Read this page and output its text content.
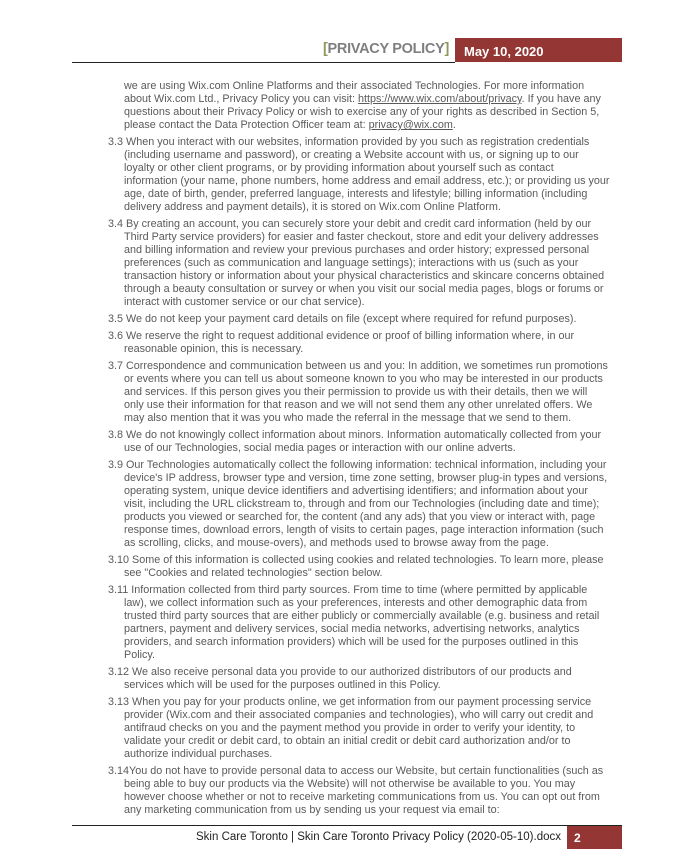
[PRIVACY POLICY]	May 10, 2020
we are using Wix.com Online Platforms and their associated Technologies. For more information
about Wix.com Ltd., Privacy Policy you can visit: https://www.wix.com/about/privacy. If you have any
questions about their Privacy Policy or wish to exercise any of your rights as described in Section 5,
please contact the Data Protection Officer team at: privacy@wix.com.
3.3 When you interact with our websites, information provided by you such as registration credentials
(including username and password), or creating a Website account with us, or signing up to our
loyalty or other client programs, or by providing information about yourself such as contact
information (your name, phone numbers, home address and email address, etc.); or providing us your
age, date of birth, gender, preferred language, interests and lifestyle; billing information (including
delivery address and payment details), it is stored on Wix.com Online Platform.
3.4 By creating an account, you can securely store your debit and credit card information (held by our
Third Party service providers) for easier and faster checkout, store and edit your delivery addresses
and billing information and review your previous purchases and order history; expressed personal
preferences (such as communication and language settings); interactions with us (such as your
transaction history or information about your physical characteristics and skincare concerns obtained
through a beauty consultation or survey or when you visit our social media pages, blogs or forums or
interact with customer service or our chat service).
3.5 We do not keep your payment card details on file (except where required for refund purposes).
3.6 We reserve the right to request additional evidence or proof of billing information where, in our
reasonable opinion, this is necessary.
3.7 Correspondence and communication between us and you: In addition, we sometimes run promotions
or events where you can tell us about someone known to you who may be interested in our products
and services. If this person gives you their permission to provide us with their details, then we will
only use their information for that reason and we will not send them any other unrelated offers. We
may also mention that it was you who made the referral in the message that we send to them.
3.8 We do not knowingly collect information about minors. Information automatically collected from your
use of our Technologies, social media pages or interaction with our online adverts.
3.9 Our Technologies automatically collect the following information: technical information, including your
device's IP address, browser type and version, time zone setting, browser plug-in types and versions,
operating system, unique device identifiers and advertising identifiers; and information about your
visit, including the URL clickstream to, through and from our Technologies (including date and time);
products you viewed or searched for, the content (and any ads) that you view or interact with, page
response times, download errors, length of visits to certain pages, page interaction information (such
as scrolling, clicks, and mouse-overs), and methods used to browse away from the page.
3.10 Some of this information is collected using cookies and related technologies. To learn more, please
see "Cookies and related technologies" section below.
3.11 Information collected from third party sources. From time to time (where permitted by applicable
law), we collect information such as your preferences, interests and other demographic data from
trusted third party sources that are either publicly or commercially available (e.g. business and retail
partners, payment and delivery services, social media networks, advertising networks, analytics
providers, and search information providers) which will be used for the purposes outlined in this
Policy.
3.12 We also receive personal data you provide to our authorized distributors of our products and
services which will be used for the purposes outlined in this Policy.
3.13 When you pay for your products online, we get information from our payment processing service
provider (Wix.com and their associated companies and technologies), who will carry out credit and
antifraud checks on you and the payment method you provide in order to verify your identity, to
validate your credit or debit card, to obtain an initial credit or debit card authorization and/or to
authorize individual purchases.
3.14You do not have to provide personal data to access our Website, but certain functionalities (such as
being able to buy our products via the Website) will not otherwise be available to you. You may
however choose whether or not to receive marketing communications from us. You can opt out from
any marketing communication from us by sending us your request via email to:
Skin Care Toronto | Skin Care Toronto Privacy Policy (2020-05-10).docx	2
